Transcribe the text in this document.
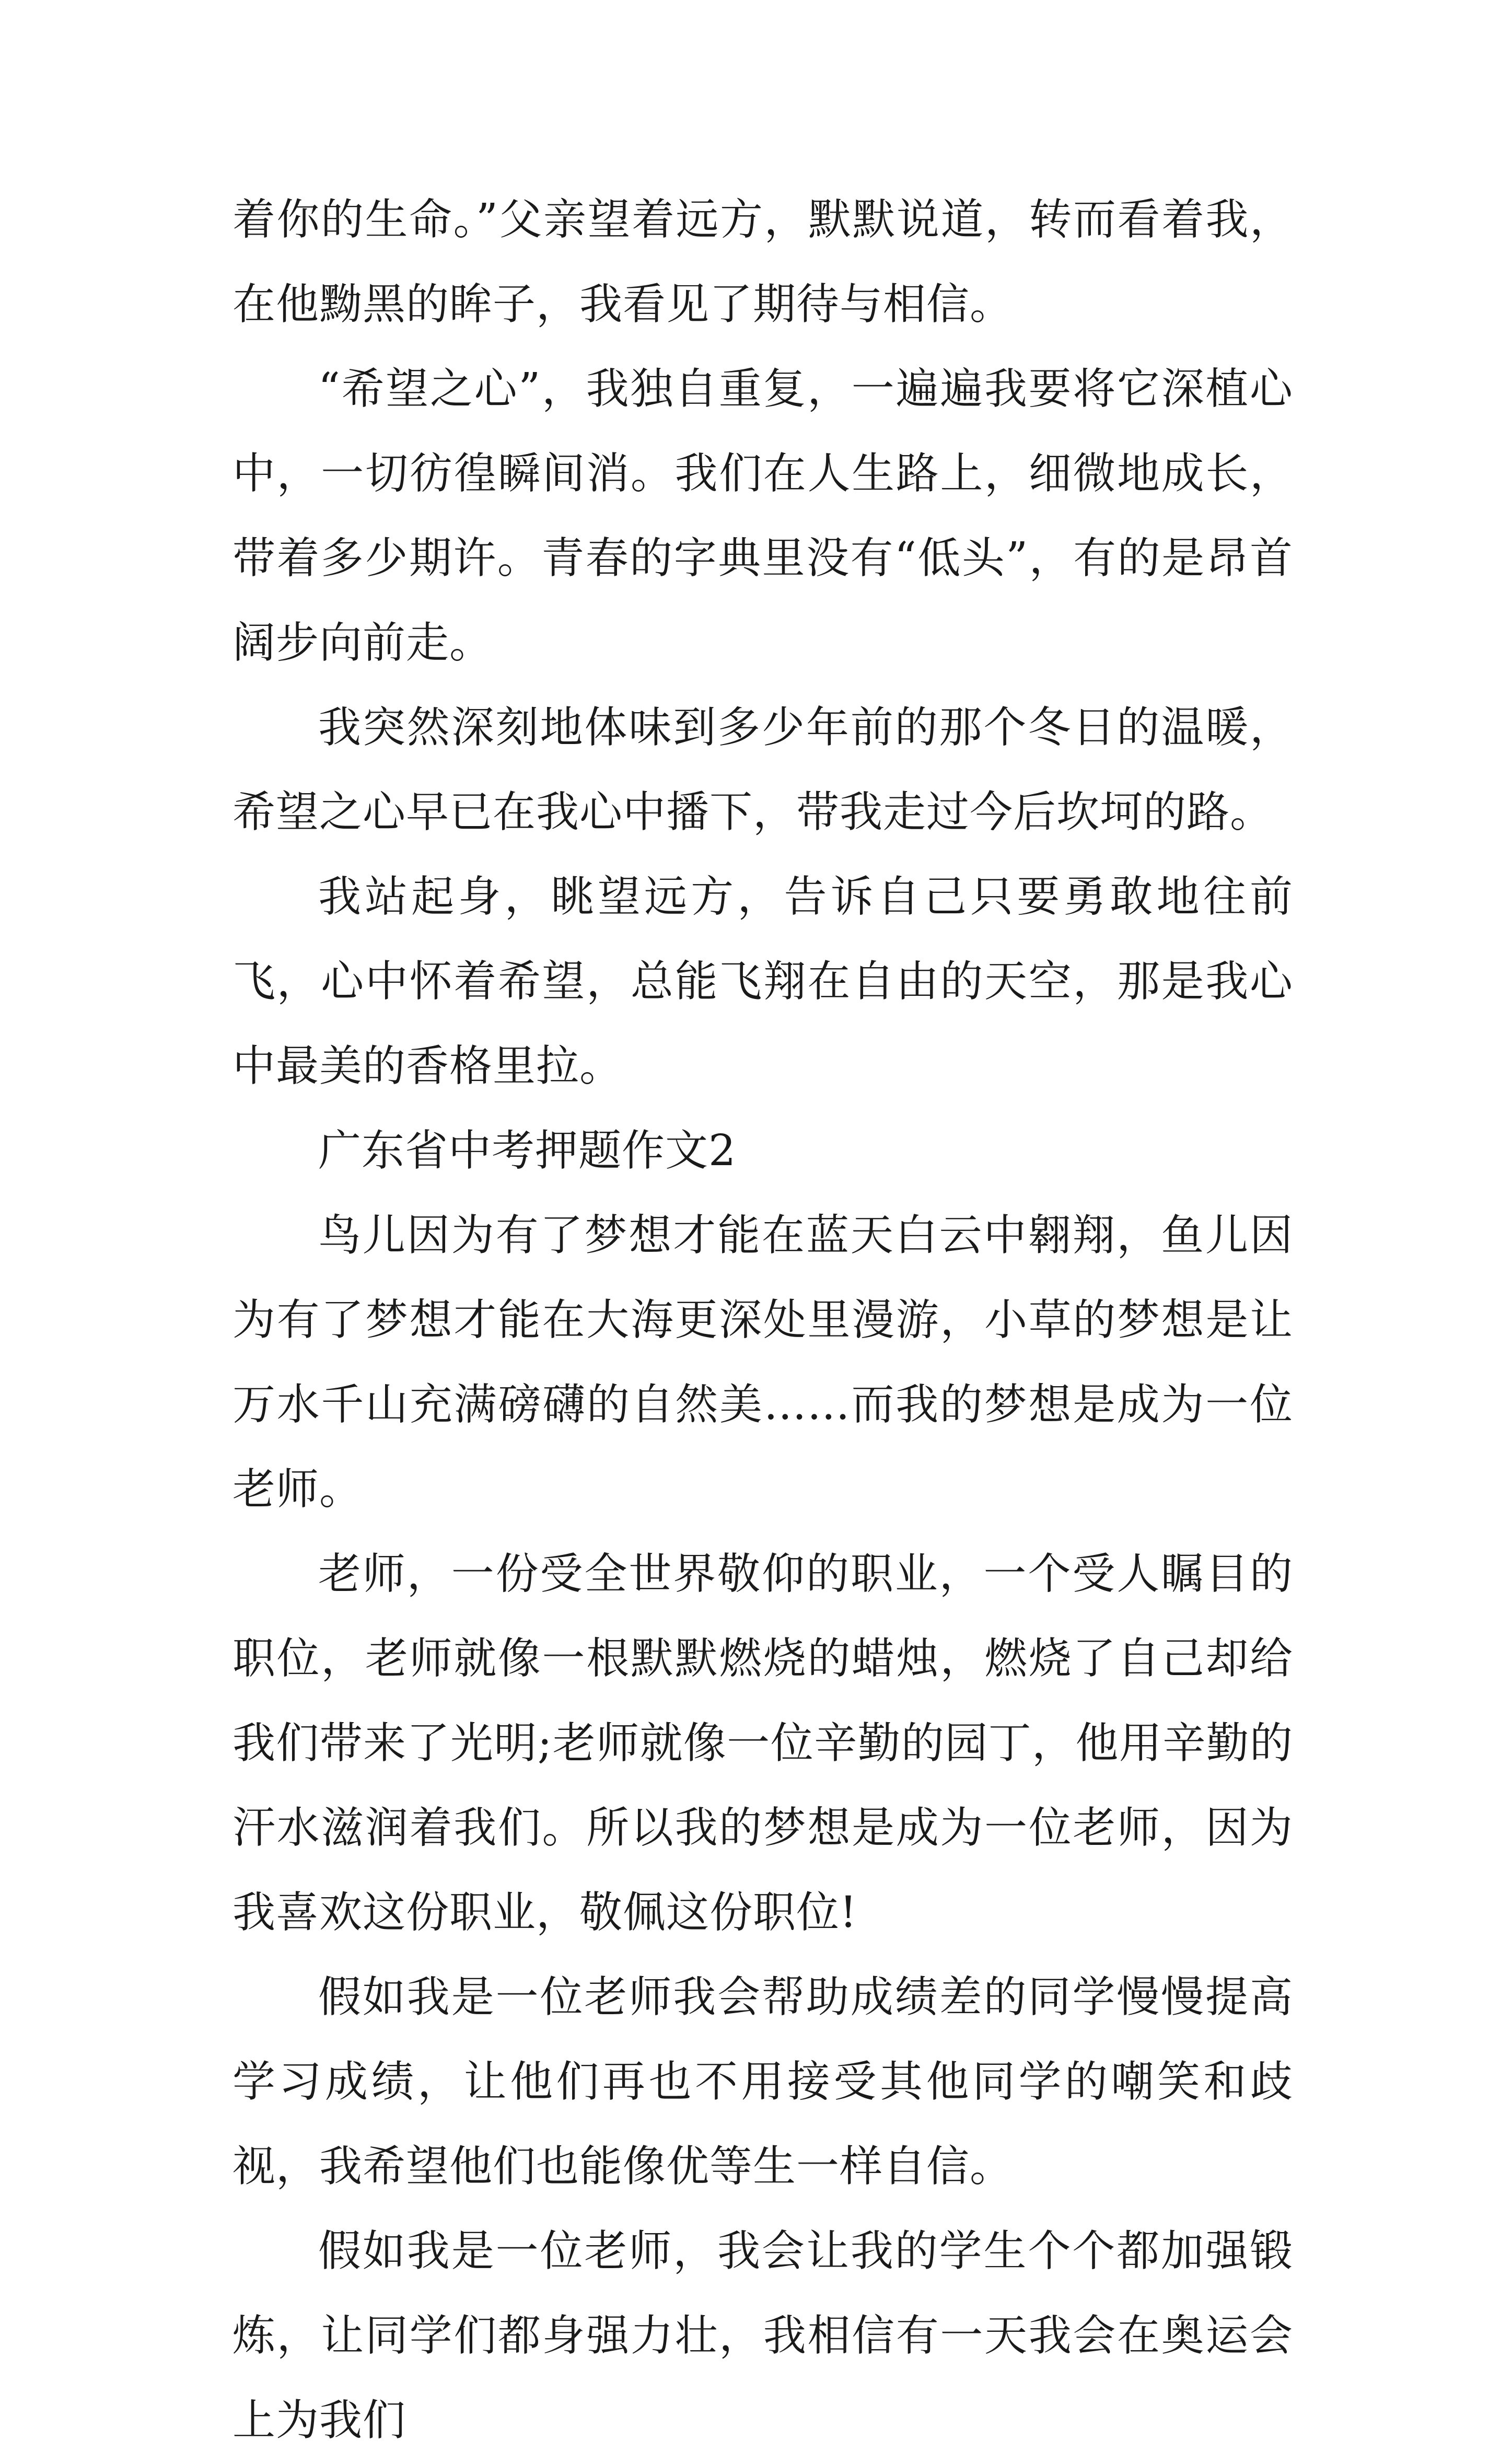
着你的生命。”父亲望着远方，默默说道，转而看着我，在他黝黑的眸子，我看见了期待与相信。

“希望之心”，我独自重复，一遍遍我要将它深植心中，一切彷徨瞬间消。我们在人生路上，细微地成长，带着多少期许。青春的字典里没有“低头”，有的是昂首阔步向前走。

我突然深刻地体味到多少年前的那个冬日的温暖，希望之心早已在我心中播下，带我走过今后坎坷的路。

我站起身，眺望远方，告诉自己只要勇敢地往前飞，心中怀着希望，总能飞翔在自由的天空，那是我心中最美的香格里拉。

广东省中考押题作文2

鸟儿因为有了梦想才能在蓝天白云中翱翔，鱼儿因为有了梦想才能在大海更深处里漫游，小草的梦想是让万水千山充满磅礴的自然美……而我的梦想是成为一位老师。

老师，一份受全世界敬仰的职业，一个受人瞩目的职位，老师就像一根默默燃烧的蜡烛，燃烧了自己却给我们带来了光明;老师就像一位辛勤的园丁，他用辛勤的汗水滋润着我们。所以我的梦想是成为一位老师，因为我喜欢这份职业，敬佩这份职位!

假如我是一位老师我会帮助成绩差的同学慢慢提高学习成绩，让他们再也不用接受其他同学的嘲笑和歧视，我希望他们也能像优等生一样自信。

假如我是一位老师，我会让我的学生个个都加强锻炼，让同学们都身强力壮，我相信有一天我会在奥运会上为我们
